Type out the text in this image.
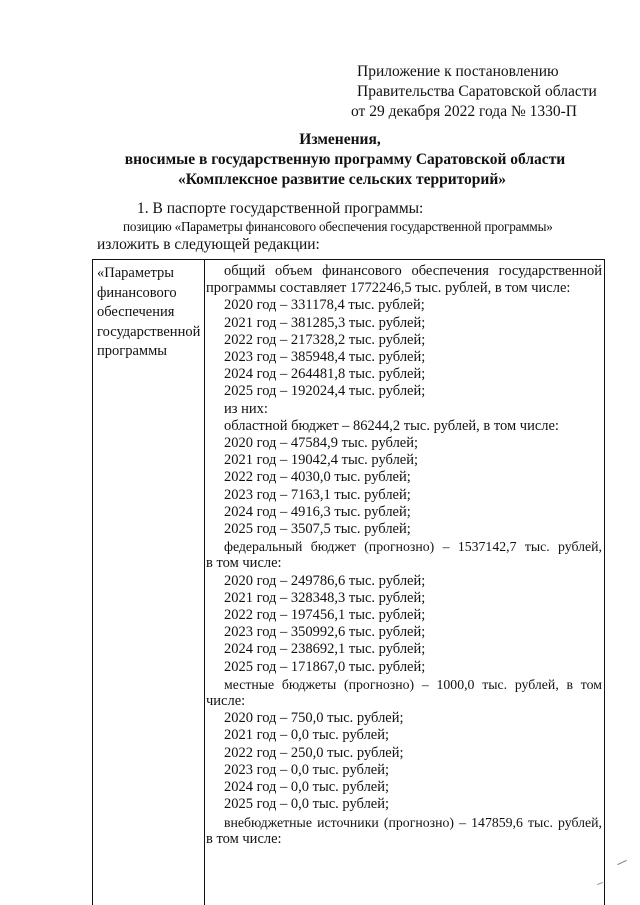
Приложение к постановлению
Правительства Саратовской области
от 29 декабря 2022 года № 1330-П
Изменения,
вносимые в государственную программу Саратовской области
«Комплексное развитие сельских территорий»
1. В паспорте государственной программы:
позицию «Параметры финансового обеспечения государственной программы»
изложить в следующей редакции:
«Параметры
финансового
обеспечения
государственной
программы
общий объем финансового обеспечения государственной
программы составляет 1772246,5 тыс. рублей, в том числе:
2020 год – 331178,4 тыс. рублей;
2021 год – 381285,3 тыс. рублей;
2022 год – 217328,2 тыс. рублей;
2023 год – 385948,4 тыс. рублей;
2024 год – 264481,8 тыс. рублей;
2025 год – 192024,4 тыс. рублей;
из них:
областной бюджет – 86244,2 тыс. рублей, в том числе:
2020 год – 47584,9 тыс. рублей;
2021 год – 19042,4 тыс. рублей;
2022 год – 4030,0 тыс. рублей;
2023 год – 7163,1 тыс. рублей;
2024 год – 4916,3 тыс. рублей;
2025 год – 3507,5 тыс. рублей;
федеральный бюджет (прогнозно) – 1537142,7 тыс. рублей,
в том числе:
2020 год – 249786,6 тыс. рублей;
2021 год – 328348,3 тыс. рублей;
2022 год – 197456,1 тыс. рублей;
2023 год – 350992,6 тыс. рублей;
2024 год – 238692,1 тыс. рублей;
2025 год – 171867,0 тыс. рублей;
местные бюджеты (прогнозно) – 1000,0 тыс. рублей, в том
числе:
2020 год – 750,0 тыс. рублей;
2021 год – 0,0 тыс. рублей;
2022 год – 250,0 тыс. рублей;
2023 год – 0,0 тыс. рублей;
2024 год – 0,0 тыс. рублей;
2025 год – 0,0 тыс. рублей;
внебюджетные источники (прогнозно) – 147859,6 тыс. рублей,
в том числе:
